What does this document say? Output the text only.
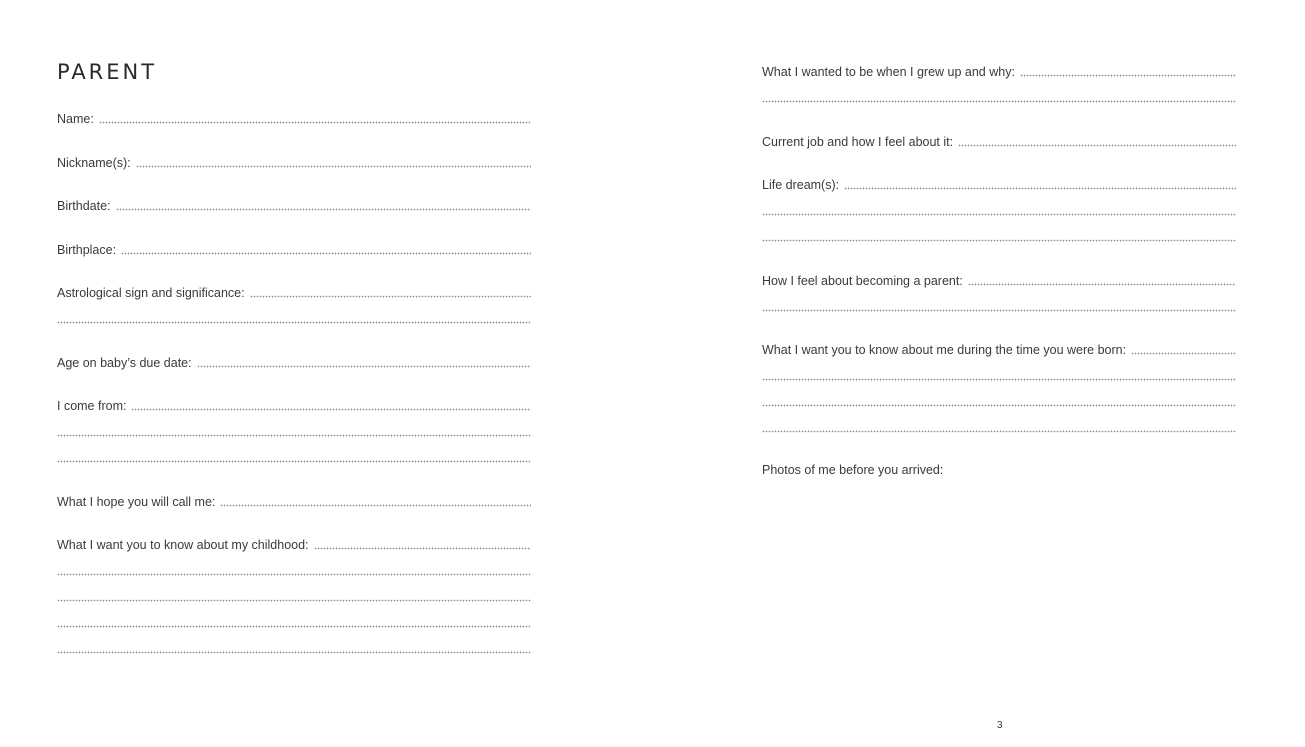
PARENT
Name:
Nickname(s):
Birthdate:
Birthplace:
Astrological sign and significance:
Age on baby’s due date:
I come from:
What I hope you will call me:
What I want you to know about my childhood:
What I wanted to be when I grew up and why:
Current job and how I feel about it:
Life dream(s):
How I feel about becoming a parent:
What I want you to know about me during the time you were born:
Photos of me before you arrived:
3
